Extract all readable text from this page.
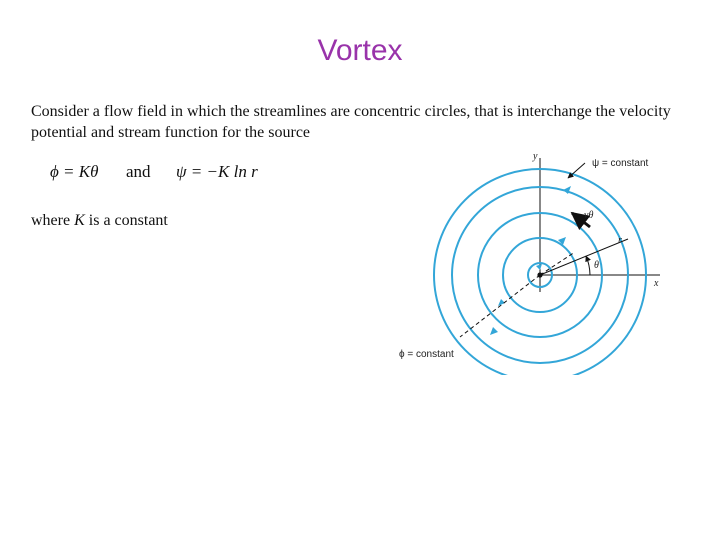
Vortex
Consider a flow field in which the streamlines are concentric circles, that is interchange the velocity potential and stream function for the source
ϕ = Kθ and ψ = −K ln r
where K is a constant
y
x
ψ = constant
ϕ = constant
vθ
r
θ
